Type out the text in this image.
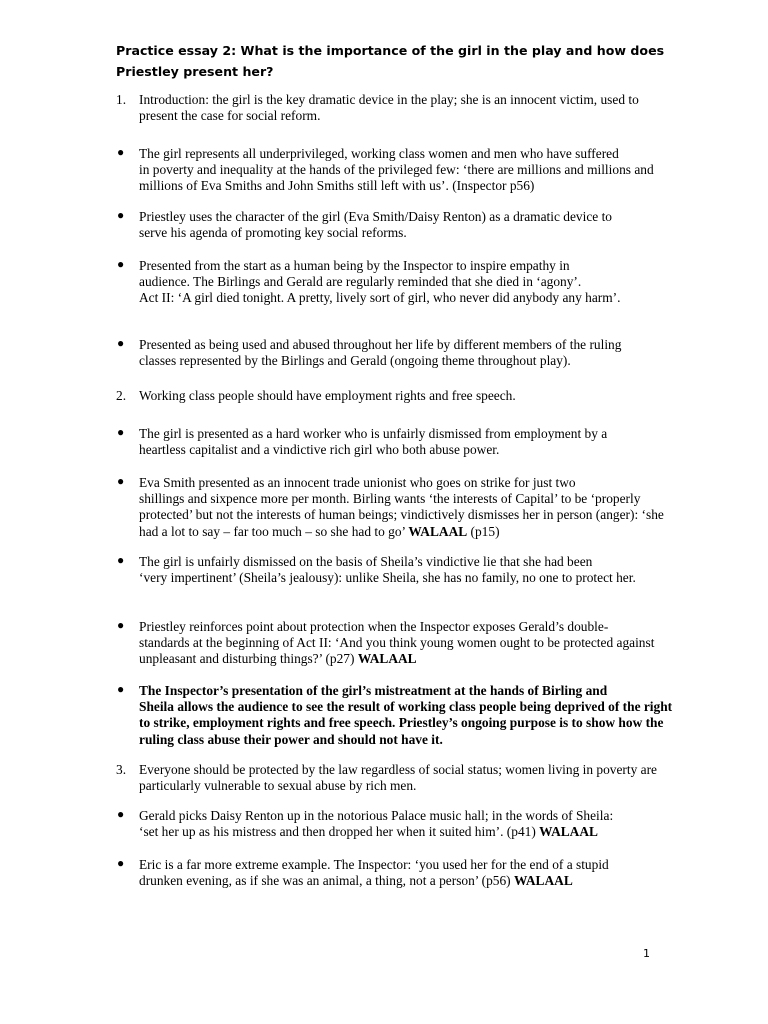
Practice essay 2: What is the importance of the girl in the play and how does Priestley present her?
1. Introduction: the girl is the key dramatic device in the play; she is an innocent victim, used to present the case for social reform.
●	The girl represents all underprivileged, working class women and men who have suffered
in poverty and inequality at the hands of the privileged few: ‘there are millions and millions and millions of Eva Smiths and John Smiths still left with us’. (Inspector p56)
●	Priestley uses the character of the girl (Eva Smith/Daisy Renton) as a dramatic device to
serve his agenda of promoting key social reforms.
●	Presented from the start as a human being by the Inspector to inspire empathy in
audience. The Birlings and Gerald are regularly reminded that she died in ‘agony’.
Act II: ‘A girl died tonight. A pretty, lively sort of girl, who never did anybody any harm’.
●	Presented as being used and abused throughout her life by different members of the ruling
classes represented by the Birlings and Gerald (ongoing theme throughout play).
2. Working class people should have employment rights and free speech.
●	The girl is presented as a hard worker who is unfairly dismissed from employment by a
heartless capitalist and a vindictive rich girl who both abuse power.
●	Eva Smith presented as an innocent trade unionist who goes on strike for just two
shillings and sixpence more per month. Birling wants ‘the interests of Capital’ to be ‘properly protected’ but not the interests of human beings; vindictively dismisses her in person (anger): ‘she had a lot to say – far too much – so she had to go’ WALAAL (p15)
●	The girl is unfairly dismissed on the basis of Sheila’s vindictive lie that she had been
‘very impertinent’ (Sheila’s jealousy): unlike Sheila, she has no family, no one to protect her.
●	Priestley reinforces point about protection when the Inspector exposes Gerald’s double-
standards at the beginning of Act II: ‘And you think young women ought to be protected against unpleasant and disturbing things?’ (p27) WALAAL
●	The Inspector’s presentation of the girl’s mistreatment at the hands of Birling and
Sheila allows the audience to see the result of working class people being deprived of the right to strike, employment rights and free speech. Priestley’s ongoing purpose is to show how the ruling class abuse their power and should not have it.
3. Everyone should be protected by the law regardless of social status; women living in poverty are particularly vulnerable to sexual abuse by rich men.
●	Gerald picks Daisy Renton up in the notorious Palace music hall; in the words of Sheila:
‘set her up as his mistress and then dropped her when it suited him’. (p41) WALAAL
●	Eric is a far more extreme example. The Inspector: ‘you used her for the end of a stupid
drunken evening, as if she was an animal, a thing, not a person’ (p56) WALAAL
1
